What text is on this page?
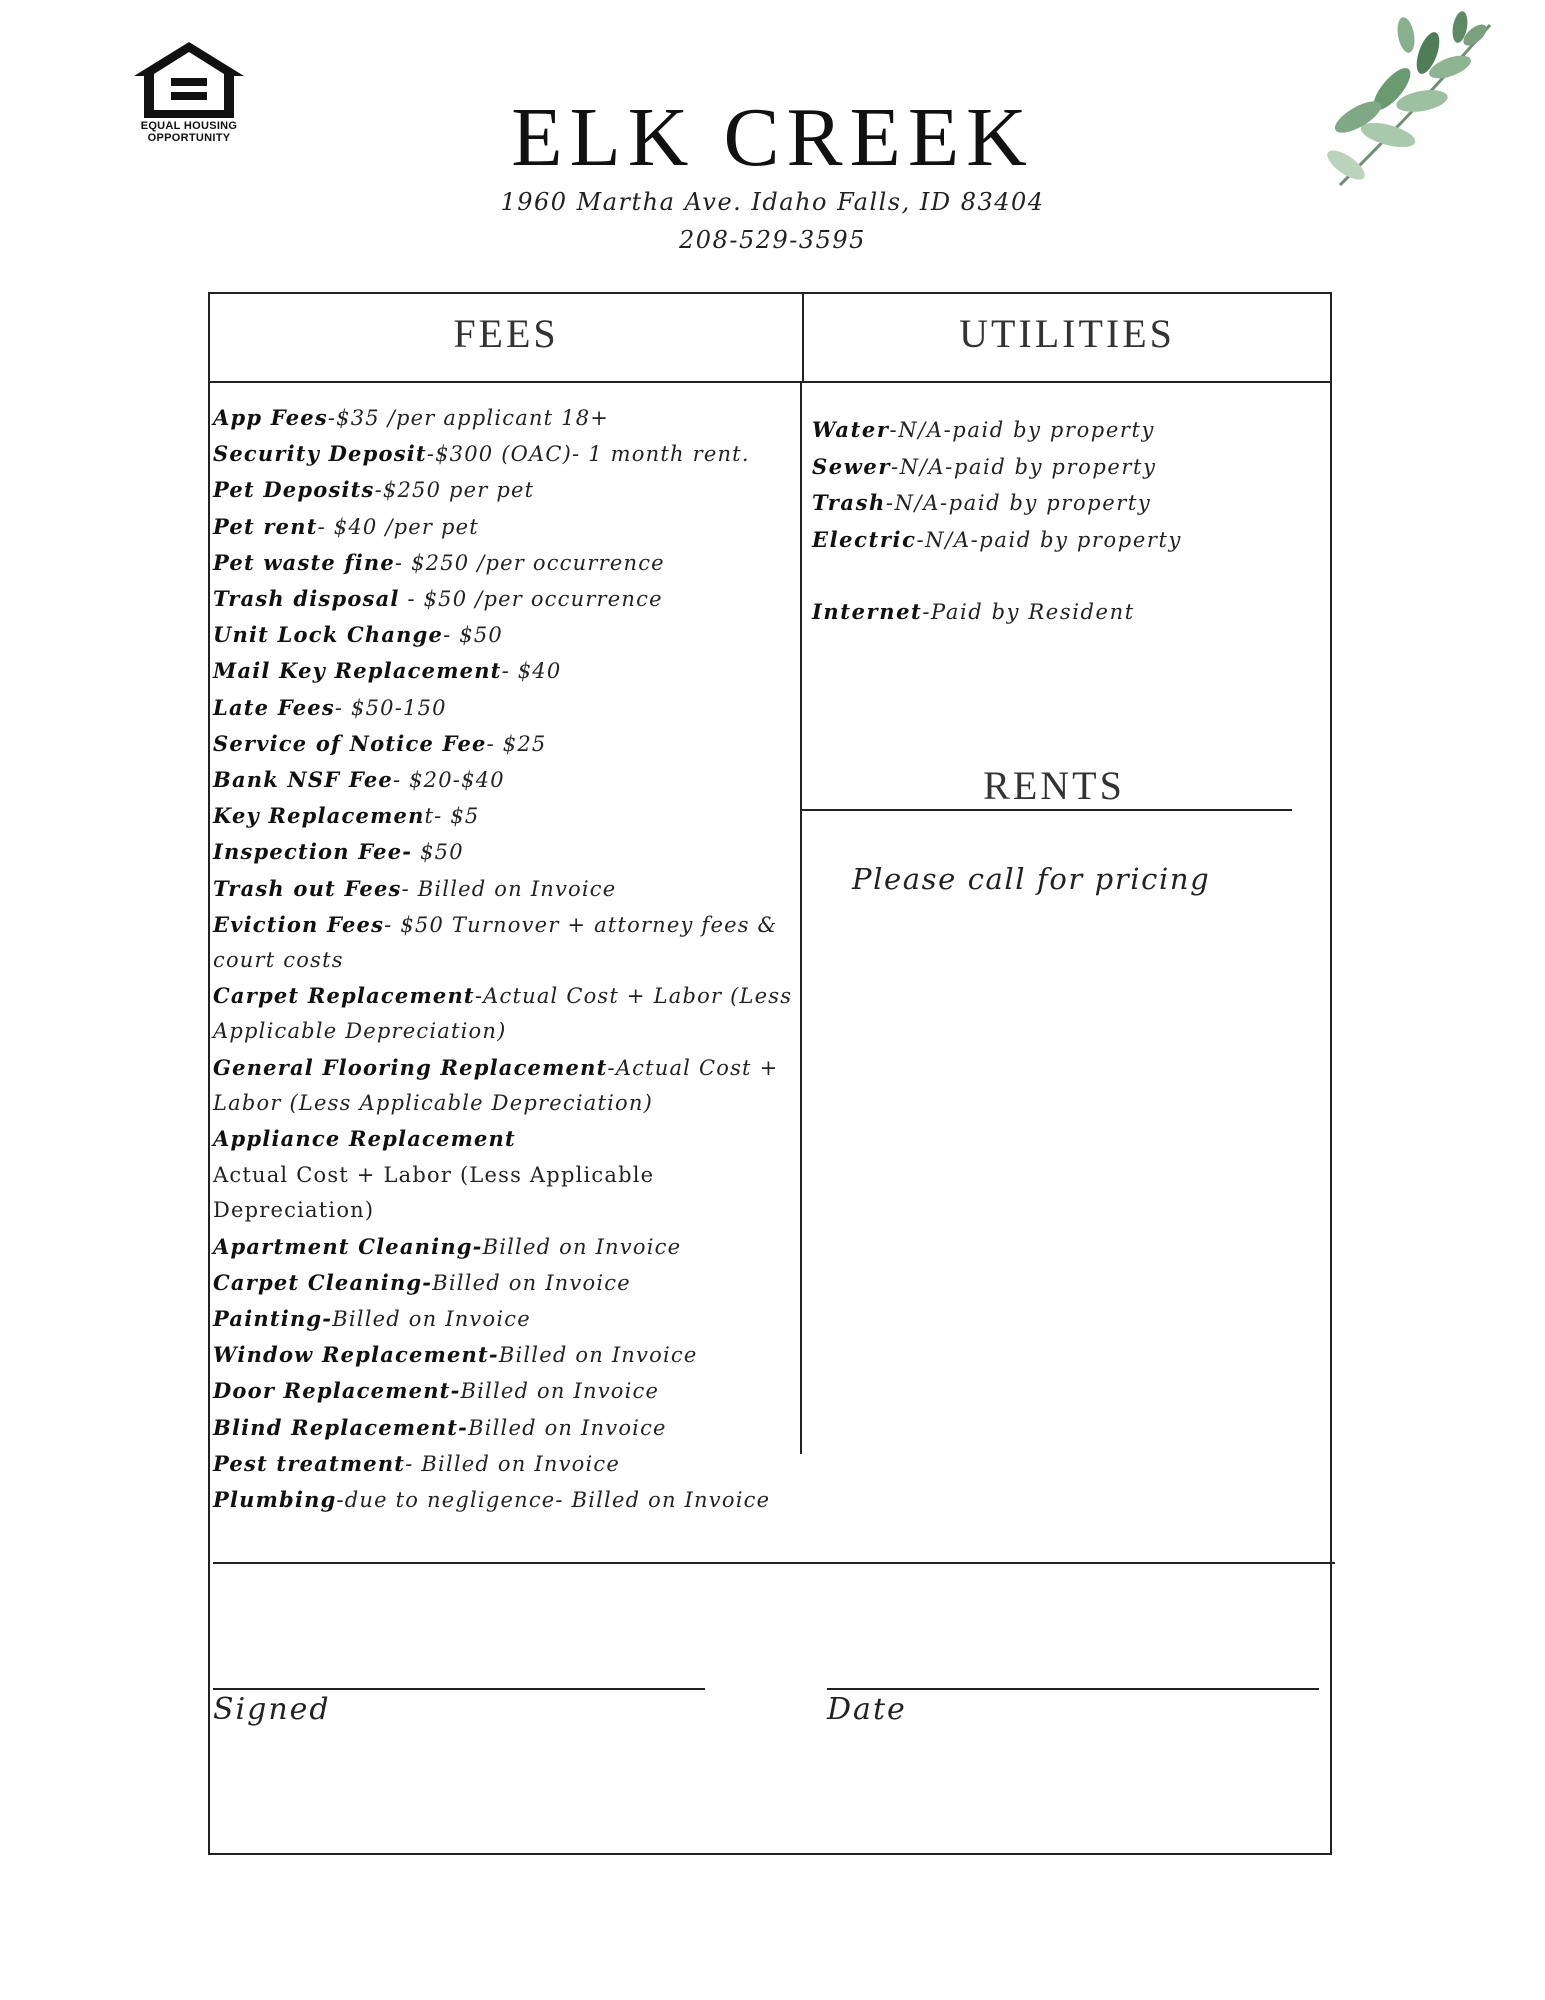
EQUAL HOUSING
OPPORTUNITY	ELK CREEK
1960 Martha Ave. Idaho Falls, ID 83404
208-529-3595
FEES	UTILITIES
RENTS
App Fees-$35 /per applicant 18+
Security Deposit-$300 (OAC)- 1 month rent.
Pet Deposits-$250 per pet
Pet rent- $40 /per pet
Pet waste fine- $250 /per occurrence
Trash disposal - $50 /per occurrence
Unit Lock Change- $50
Mail Key Replacement- $40
Late Fees- $50-150
Service of Notice Fee- $25
Bank NSF Fee- $20-$40
Key Replacement- $5
Inspection Fee- $50
Trash out Fees- Billed on Invoice
Eviction Fees- $50 Turnover + attorney fees & court costs
Carpet Replacement-Actual Cost + Labor (Less Applicable Depreciation)
General Flooring Replacement-Actual Cost + Labor (Less Applicable Depreciation)
Appliance Replacement
Actual Cost + Labor (Less Applicable Depreciation)
Apartment Cleaning-Billed on Invoice
Carpet Cleaning-Billed on Invoice
Painting-Billed on Invoice
Window Replacement-Billed on Invoice
Door Replacement-Billed on Invoice
Blind Replacement-Billed on Invoice
Pest treatment- Billed on Invoice
Plumbing-due to negligence- Billed on Invoice
Water-N/A-paid by property
Sewer-N/A-paid by property
Trash-N/A-paid by property
Electric-N/A-paid by property
Internet-Paid by Resident
Please call for pricing
Signed	Date
